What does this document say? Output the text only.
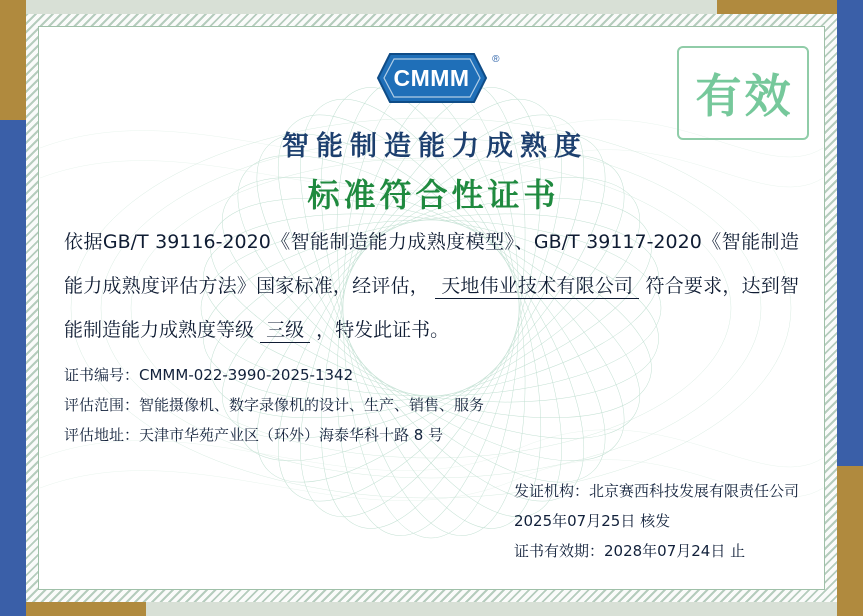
CMMM
®
有效
智能制造能力成熟度
标准符合性证书
依据GB/T 39116-2020《智能制造能力成熟度模型》、GB/T 39117-2020《智能制造能力成熟度评估方法》国家标准，经评估， 天地伟业技术有限公司 符合要求，达到智能制造能力成熟度等级 三级 ，特发此证书。
证书编号：CMMM-022-3990-2025-1342
评估范围：智能摄像机、数字录像机的设计、生产、销售、服务
评估地址：天津市华苑产业区（环外）海泰华科十路 8 号
发证机构：北京赛西科技发展有限责任公司
2025年07月25日 核发
证书有效期：2028年07月24日 止
